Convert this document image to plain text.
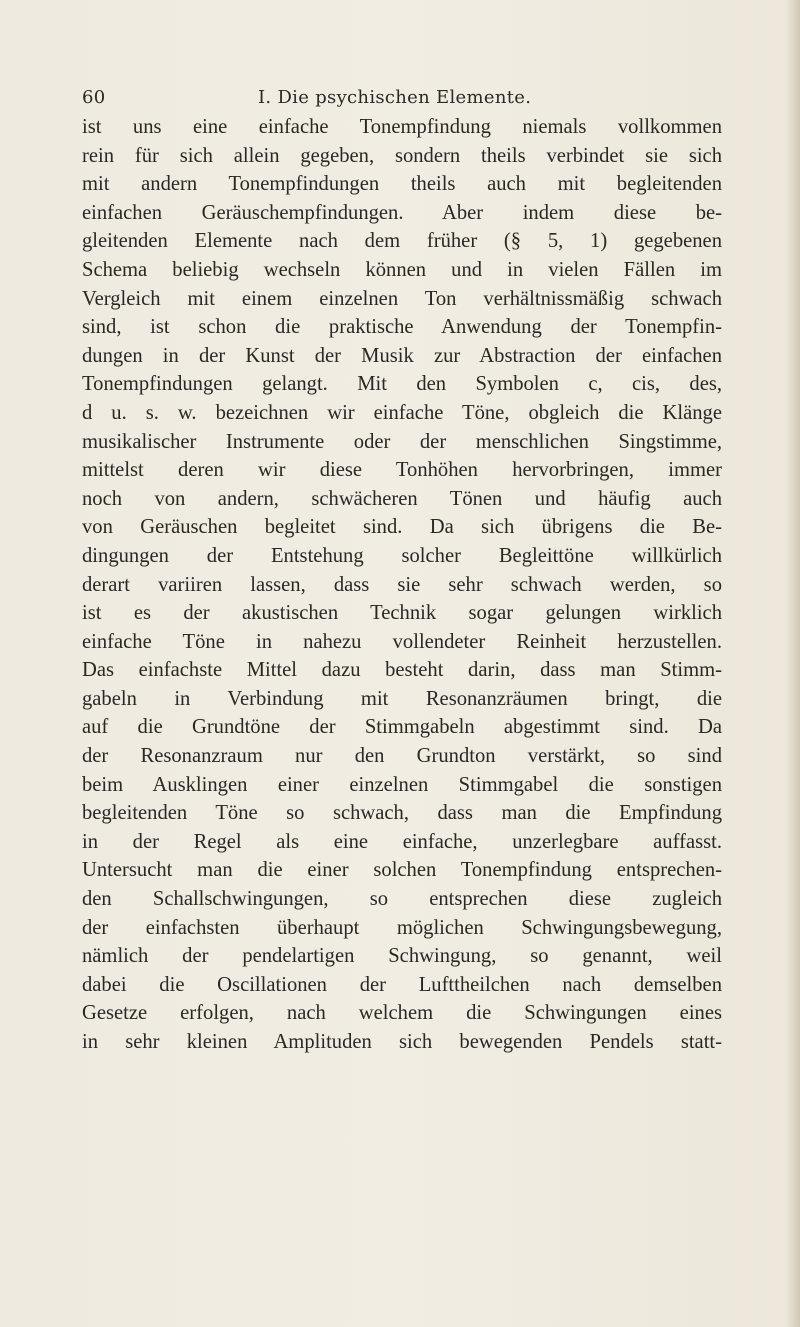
60	I. Die psychischen Elemente.
ist uns eine einfache Tonempfindung niemals vollkommen
rein für sich allein gegeben, sondern theils verbindet sie sich
mit andern Tonempfindungen theils auch mit begleitenden
einfachen Geräuschempfindungen. Aber indem diese be-
gleitenden Elemente nach dem früher (§ 5, 1) gegebenen
Schema beliebig wechseln können und in vielen Fällen im
Vergleich mit einem einzelnen Ton verhältnissmäßig schwach
sind, ist schon die praktische Anwendung der Tonempfin-
dungen in der Kunst der Musik zur Abstraction der einfachen
Tonempfindungen gelangt. Mit den Symbolen c, cis, des,
d u. s. w. bezeichnen wir einfache Töne, obgleich die Klänge
musikalischer Instrumente oder der menschlichen Singstimme,
mittelst deren wir diese Tonhöhen hervorbringen, immer
noch von andern, schwächeren Tönen und häufig auch
von Geräuschen begleitet sind. Da sich übrigens die Be-
dingungen der Entstehung solcher Begleittöne willkürlich
derart variiren lassen, dass sie sehr schwach werden, so
ist es der akustischen Technik sogar gelungen wirklich
einfache Töne in nahezu vollendeter Reinheit herzustellen.
Das einfachste Mittel dazu besteht darin, dass man Stimm-
gabeln in Verbindung mit Resonanzräumen bringt, die
auf die Grundtöne der Stimmgabeln abgestimmt sind. Da
der Resonanzraum nur den Grundton verstärkt, so sind
beim Ausklingen einer einzelnen Stimmgabel die sonstigen
begleitenden Töne so schwach, dass man die Empfindung
in der Regel als eine einfache, unzerlegbare auffasst.
Untersucht man die einer solchen Tonempfindung entsprechen-
den Schallschwingungen, so entsprechen diese zugleich
der einfachsten überhaupt möglichen Schwingungsbewegung,
nämlich der pendelartigen Schwingung, so genannt, weil
dabei die Oscillationen der Lufttheilchen nach demselben
Gesetze erfolgen, nach welchem die Schwingungen eines
in sehr kleinen Amplituden sich bewegenden Pendels statt-
